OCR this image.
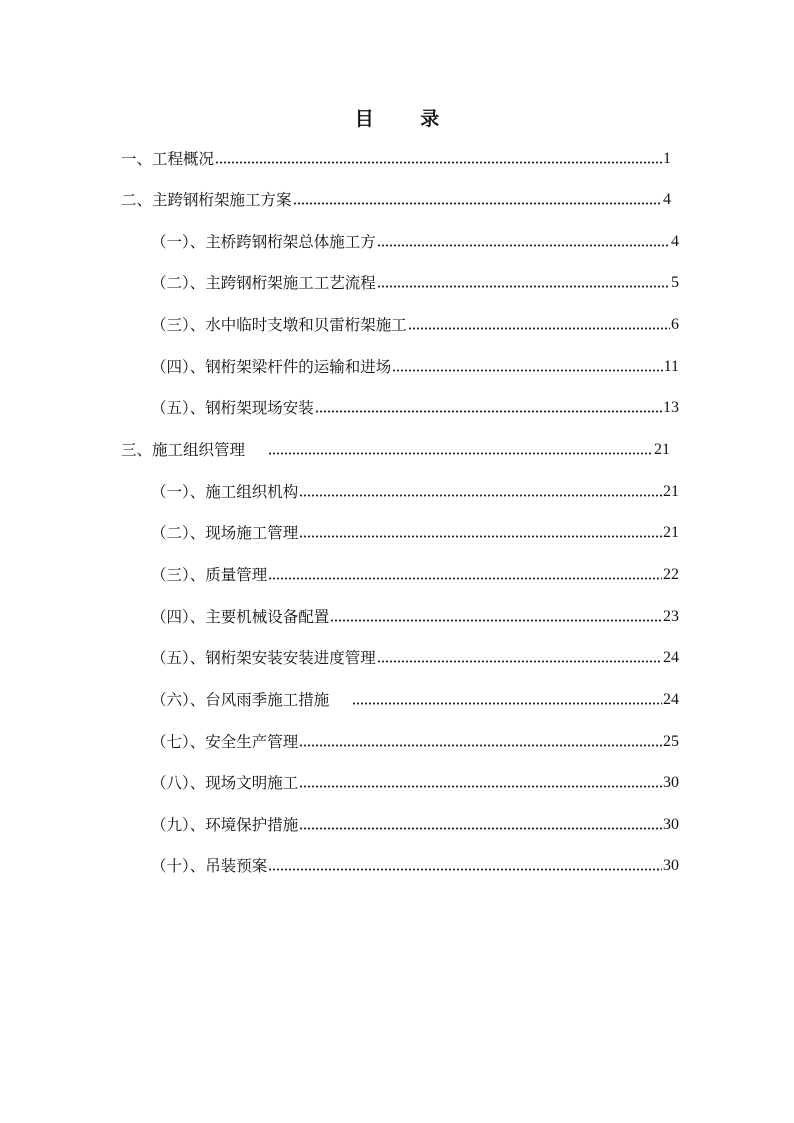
目 录
一、工程概况	1
二、主跨钢桁架施工方案	4
（一）、主桥跨钢桁架总体施工方	4
（二）、主跨钢桁架施工工艺流程	5
（三）、水中临时支墩和贝雷桁架施工	6
（四）、钢桁架梁杆件的运输和进场	11
（五）、钢桁架现场安装	13
三、施工组织管理	21
（一）、施工组织机构	21
（二）、现场施工管理	21
（三）、质量管理	22
（四）、主要机械设备配置	23
（五）、钢桁架安装安装进度管理	24
（六）、台风雨季施工措施	24
（七）、安全生产管理	25
（八）、现场文明施工	30
（九）、环境保护措施	30
（十）、吊装预案	30
